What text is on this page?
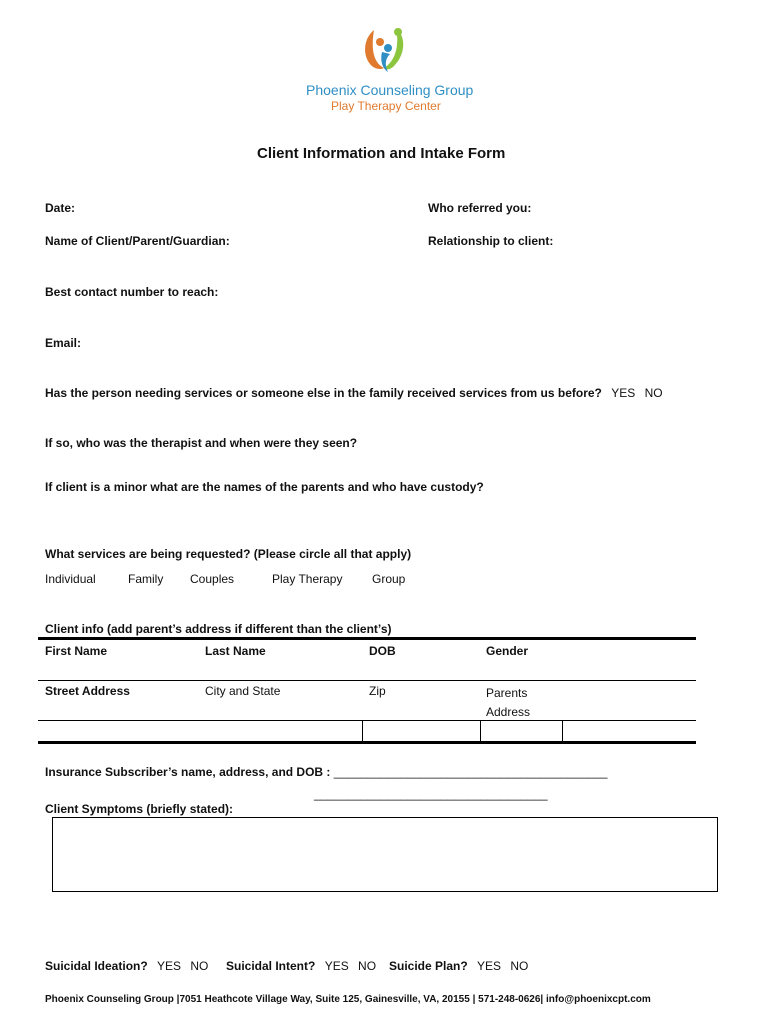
Phoenix Counseling Group
Play Therapy Center
Client Information and Intake Form
Date:	Who referred you:
Name of Client/Parent/Guardian:	Relationship to client:
Best contact number to reach:
Email:
Has the person needing services or someone else in the family received services from us before? YES NO
If so, who was the therapist and when were they seen?
If client is a minor what are the names of the parents and who have custody?
What services are being requested? (Please circle all that apply)
Individual	Family Couples	Play Therapy Group
Client info (add parent’s address if different than the client’s)
First Name	Last Name	DOB	Gender
Street Address	City and State	Zip	Parents Address
Insurance Subscriber’s name, address, and DOB : _________________________________________
___________________________________
Client Symptoms (briefly stated):
Suicidal Ideation? YES NO Suicidal Intent? YES NO Suicide Plan? YES NO
Phoenix Counseling Group |7051 Heathcote Village Way, Suite 125, Gainesville, VA, 20155 | 571-248-0626| info@phoenixcpt.com
